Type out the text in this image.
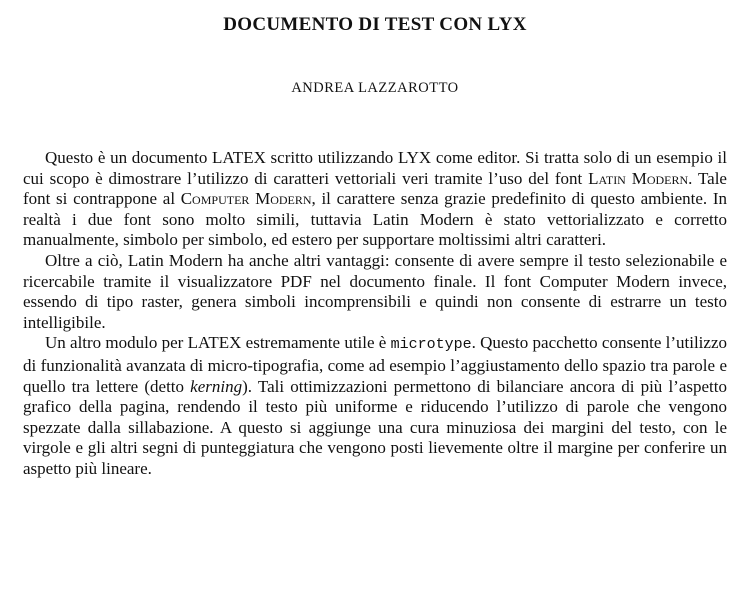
DOCUMENTO DI TEST CON LYX
ANDREA LAZZAROTTO

Questo è un documento LATEX scritto utilizzando LYX come editor. Si tratta solo di un esempio il cui scopo è dimostrare l’utilizzo di caratteri vettoriali veri tramite l’uso del font Latin Modern. Tale font si contrappone al Computer Modern, il carattere senza grazie predefinito di questo ambiente. In realtà i due font sono molto simili, tuttavia Latin Modern è stato vettorializzato e corretto manualmente, simbolo per simbolo, ed estero per supportare moltissimi altri caratteri.

Oltre a ciò, Latin Modern ha anche altri vantaggi: consente di avere sempre il testo selezionabile e ricercabile tramite il visualizzatore PDF nel documento finale. Il font Computer Modern invece, essendo di tipo raster, genera simboli incomprensibili e quindi non consente di estrarre un testo intelligibile.

Un altro modulo per LATEX estremamente utile è microtype. Questo pacchetto consente l’utilizzo di funzionalità avanzata di micro-tipografia, come ad esempio l’aggiustamento dello spazio tra parole e quello tra lettere (detto kerning). Tali ottimizzazioni permettono di bilanciare ancora di più l’aspetto grafico della pagina, rendendo il testo più uniforme e riducendo l’utilizzo di parole che vengono spezzate dalla sillabazione. A questo si aggiunge una cura minuziosa dei margini del testo, con le virgole e gli altri segni di punteggiatura che vengono posti lievemente oltre il margine per conferire un aspetto più lineare.
